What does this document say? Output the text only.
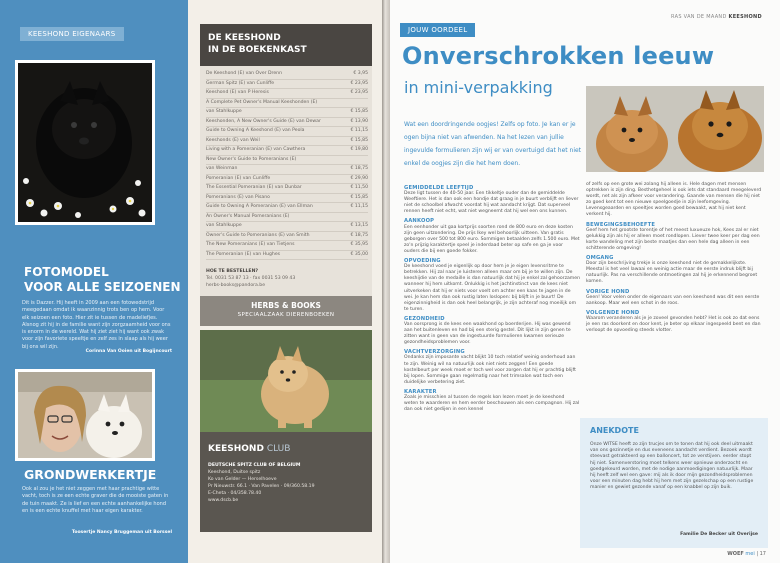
KEESHOND EIGENAARS
FOTOMODEL
VOOR ALLE SEIZOENEN
Dit is Dazzer. Hij heeft in 2009 aan een fotowedstrijd meegedaan omdat ik waanzinnig trots ben op hem. Voor elk seizoen een foto. Hier zit ie tussen de madeliefjes. Alsnog zit hij in de familie want zijn zorgzaamheid voor ons is enorm in de wereld. Wat hij ziet ziet hij want ook zwak voor zijn favoriete speeltje en zelf zes in slaap als hij weer bij ons wil zijn.
Corinna Van Ooien uit Bogijncourt
GRONDWERKERTJE
Ook al zou je het niet zeggen met haar prachtige witte vacht, toch is ze een echte graver die de mooiste gaten in de tuin maakt. Ze is lief en een echte aanhankelijke hond en is een echte knuffel met haar eigen karakter.
Toosertje Nancy Bruggeman uit Borssel
DE KEESHOND
IN DE BOEKENKAST
De Keeshond (E) van Over Drenn	€ 3,95
German Spitz (E) van Cunliffe	€ 23,95
Keeshond (E) van P Heresis	€ 23,95
A Complete Pet Owner's Manual Keeshonden (E)
van Stahlkuppe	€ 15,85
Keeshonden, A New Owner's Guide (E) van Dewar	€ 13,90
Guide to Owning A Keeshond (E) van Peola	€ 11,15
Keeshonds (E) van Weil	€ 15,85
Living with a Pomeranian (E) van Cawthera	€ 19,80
New Owner's Guide to Pomeranians (E)
van Weinman	€ 18,75
Pomeranian (E) van Cunliffe	€ 29,90
The Essential Pomeranian (E) van Dunbar	€ 11,50
Pomeranians (E) van Pisano	€ 15,85
Guide to Owning A Pomeranian (E) van Ellman	€ 11,15
An Owner's Manual Pomeranians (E)
van Stahlkuppe	€ 13,15
Owner's Guide to Pomeranians (E) van Smith	€ 18,75
The New Pomeranians (E) van Tietjens	€ 35,95
The Pomeranian (E) van Hughes	€ 35,00
HOE TE BESTELLEN?
Tel. 0031 53 87 13 · fax 0031 53 09 43
herbs-books@pandora.be
HERBS & BOOKS
SPECIAALZAAK DIERENBOEKEN
KEESHOND CLUB
DEUTSCHE SPITZ CLUB OF BELGIUM
Keeshond, Duitse spitz
Ko van Gelder — Herselhoeve
Pr Nieuwstr. 66.1 · Van Pavelen · 09/360.58.19
E-Cheta · 04/358.78.40
www.dscb.be
JOUW OORDEEL
RAS VAN DE MAAND KEESHOND
Onverschrokken leeuw
in mini-verpakking
Wat een doordringende oogjes! Zelfs op foto. Je kan er je ogen bijna niet van afwenden. Na het lezen van jullie ingevulde formulieren zijn wij er van overtuigd dat het niet enkel de oogjes zijn die het hem doen.
GEMIDDELDE LEEFTIJD

Deze ligt tussen de 40-50 jaar. Een tikkeltje ouder dan de gemiddelde Weeftiere. Het is dan ook een hondje dat graag in je buurt verblijft en liever niet de schoolbel afwacht voordat hij wat aandacht krijgt. Dat superveel rennen heeft niet echt, wat niet wegneemt dat hij wel een ons kunnen.

AANKOOP

Een eenhonder uit gaa kortprijs soorten rond de 800 euro en deze kosten zijn geen uitzondering. De prijs lkey wel behoorlijk uitteen. Van gratis geborgen over 500 tot 800 euro. Sommigen betaalden zelfs 1.500 euro. Met zo'n prijzig karaktertje speel je inderdaad beter op safe en ga je voor ouders die bij een goede fokker.

OPVOEDING

De keeshond voed je eigenlijk op door hem je je eigen levensritme te betrekken. Hij zal naar je luisteren alleen maar om bij je te willen zijn. De keeshijdie van de medaille is dan natuurlijk dat hij je enkel zal gehoorzamen wanneer hij hem uitkomt. Onlukkig is het jachtinstinct van de kees niet uitverkeken dat hij er niets voor voelt om achter een kaas te jagen in de wei. Je kan hem dan ook rustig laten loslopen: bij blijft in je buurt! De eigenzinnigheid is dan ook heel belangrijk, je zijn achteraf nog moeilijk om te turen.

GEZONDHEID

Van oorsprong is de kees een waakhond op boerderijen. Hij was gewend aan het buitenleven en had bij een sterig gestel. Dit lijkt in zijn genen te zitten want in geen van de ingestuurde formulieren kwamen serieuze gezondheidsproblemen voor.

VACHTVERZORGING

Ondanks zijn imposante vacht blijkt 10 toch relatief weinig onderhoud aan te zijn. Weinig wil na natuurlijk ook niet niets zeggen! Een goede kostelbeurt per week moet er toch wel voor zorgen dat hij er prachtig blijft bij lopen. Sommige gaan regelmatig naar het trimsalon wat toch een duidelijke verbetering ziet.

KARAKTER

Zoals je misschien al tussen de regels kon lezen moet je de keeshond weten te waarderen en hem eerder beschouwen als een compagnon. Hij zal dan ook niet gedijen in een kennel

of zelfs op een grote wei zolang hij alleen is. Hele dagen met mensen optrekken is zijn ding. Besthetgeheel is ook iets dat standaard meegeleverd wordt, net als zijn afkeer voor verandering. Gaande van mensen die hij niet zo goed kent tot een nieuwe speelgoedje in zijn leefomgeving. Levensgeaarden en speeltjes worden goed bewaakt, wat hij niet kent verkent hij.

BEWEGINGSBEHOEFTE

Geef hem het grootste torentje of het meest luxueuze hok, Kees zal er niet gelukkig zijn als hij er alleen moet rondlopen. Liever twee keer per dag een korte wandeling met zijn beste maatjes dan een hele dag alleen in een schitterende omgeving!

OMGANG

Door zijn beschrijving trekje is onze keeshond niet de gemakkelijkste. Meestal is het veel lawaai en weinig actie maar de eerste indruk blijft bij natuurlijk. Pas na verschillende ontmoetingen zal hij je erkennend begroet komen.

VORIGE HOND

Geen! Voor velen onder de eigenaars van een keeshond was dit een eerste aankoop. Maar wel een schot in de roos.

VOLGENDE HOND

Waarom veranderen als je je zoveel gevonden hebt? Het is ook zo dat eens je een ras doorkent en door kent, je beter op elkaar ingespeeld bent en dan verloopt de opvoeding steeds vlotter.

ANEKDOTE
Onze WITSE heeft zo zijn trucjes om te tonen dat hij ook deel uitmaakt van ons gezinnetje en dus eveneens aandacht verdient. Bezoek wordt steevast getrakteerd op een balloncert, tot ze verstijven. eerder stopt hij niet. Samenverstoring moet telkens weer opnieuw onderzocht en goedgekeurd worden, met de nodige aanmoedigingen natuurlijk. Maar hij heeft zelf wel een gave: mij als ik door mijn gezondheidsproblemen voor een minuten dag hebt hij hem met zijn gezelschap op een rustige manier en gewiet gezonde vanaf op een knabbel op zijn buik.
Familie De Becker uit Overijse
WOEF mei | 17
